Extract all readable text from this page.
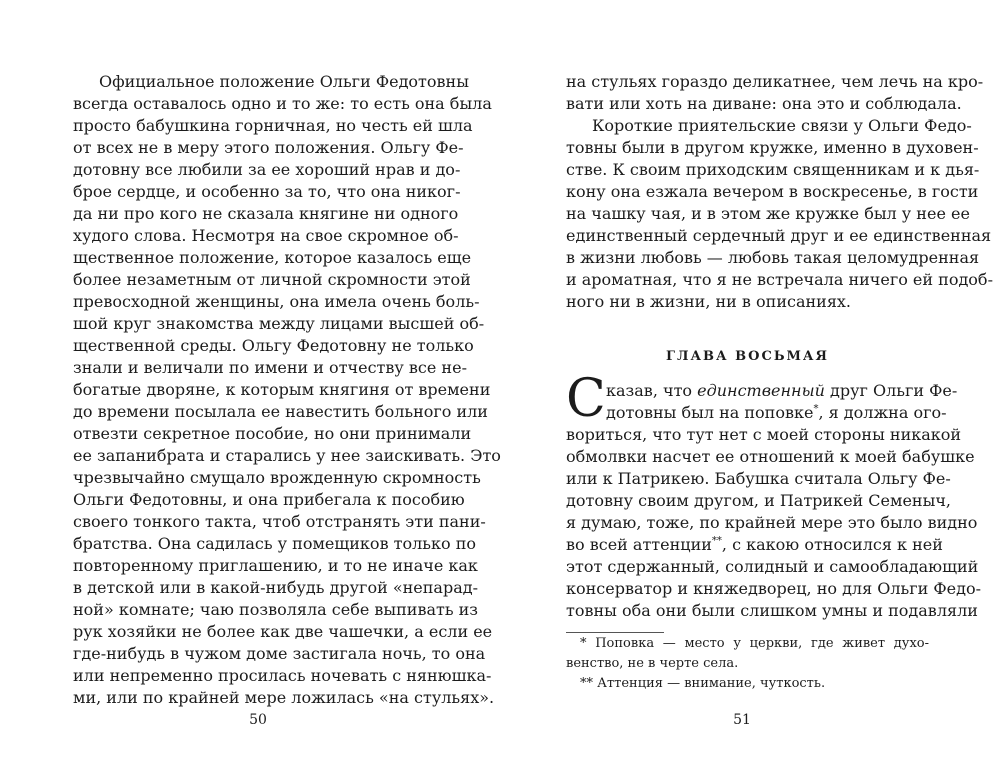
Официальное положение Ольги Федотовны
всегда оставалось одно и то же: то есть она была
просто бабушкина горничная, но честь ей шла
от всех не в меру этого положения. Ольгу Фе-
дотовну все любили за ее хороший нрав и до-
брое сердце, и особенно за то, что она никог-
да ни про кого не сказала княгине ни одного
худого слова. Несмотря на свое скромное об-
щественное положение, которое казалось еще
более незаметным от личной скромности этой
превосходной женщины, она имела очень боль-
шой круг знакомства между лицами высшей об-
щественной среды. Ольгу Федотовну не только
знали и величали по имени и отчеству все не-
богатые дворяне, к которым княгиня от времени
до времени посылала ее навестить больного или
отвезти секретное пособие, но они принимали
ее запанибрата и старались у нее заискивать. Это
чрезвычайно смущало врожденную скромность
Ольги Федотовны, и она прибегала к пособию
своего тонкого такта, чтоб отстранять эти пани-
братства. Она садилась у помещиков только по
повторенному приглашению, и то не иначе как
в детской или в какой-нибудь другой «непарад-
ной» комнате; чаю позволяла себе выпивать из
рук хозяйки не более как две чашечки, а если ее
где-нибудь в чужом доме застигала ночь, то она
или непременно просилась ночевать с нянюшка-
ми, или по крайней мере ложилась «на стульях».
50
на стульях гораздо деликатнее, чем лечь на кро-
вати или хоть на диване: она это и соблюдала.
Короткие приятельские связи у Ольги Федо-
товны были в другом кружке, именно в духовен-
стве. К своим приходским священникам и к дья-
кону она езжала вечером в воскресенье, в гости
на чашку чая, и в этом же кружке был у нее ее
единственный сердечный друг и ее единственная
в жизни любовь — любовь такая целомудренная
и ароматная, что я не встречала ничего ей подоб-
ного ни в жизни, ни в описаниях.
ГЛАВА ВОСЬМАЯ
С казав, что единственный друг Ольги Фе-
дотовны был на поповке*, я должна ого-
вориться, что тут нет с моей стороны никакой
обмолвки насчет ее отношений к моей бабушке
или к Патрикею. Бабушка считала Ольгу Фе-
дотовну своим другом, и Патрикей Семеныч,
я думаю, тоже, по крайней мере это было видно
во всей аттенции**, с какою относился к ней
этот сдержанный, солидный и самообладающий
консерватор и княжедворец, но для Ольги Федо-
товны оба они были слишком умны и подавляли
* Поповка — место у церкви, где живет духо-
венство, не в черте села.
** Аттенция — внимание, чуткость.
51
